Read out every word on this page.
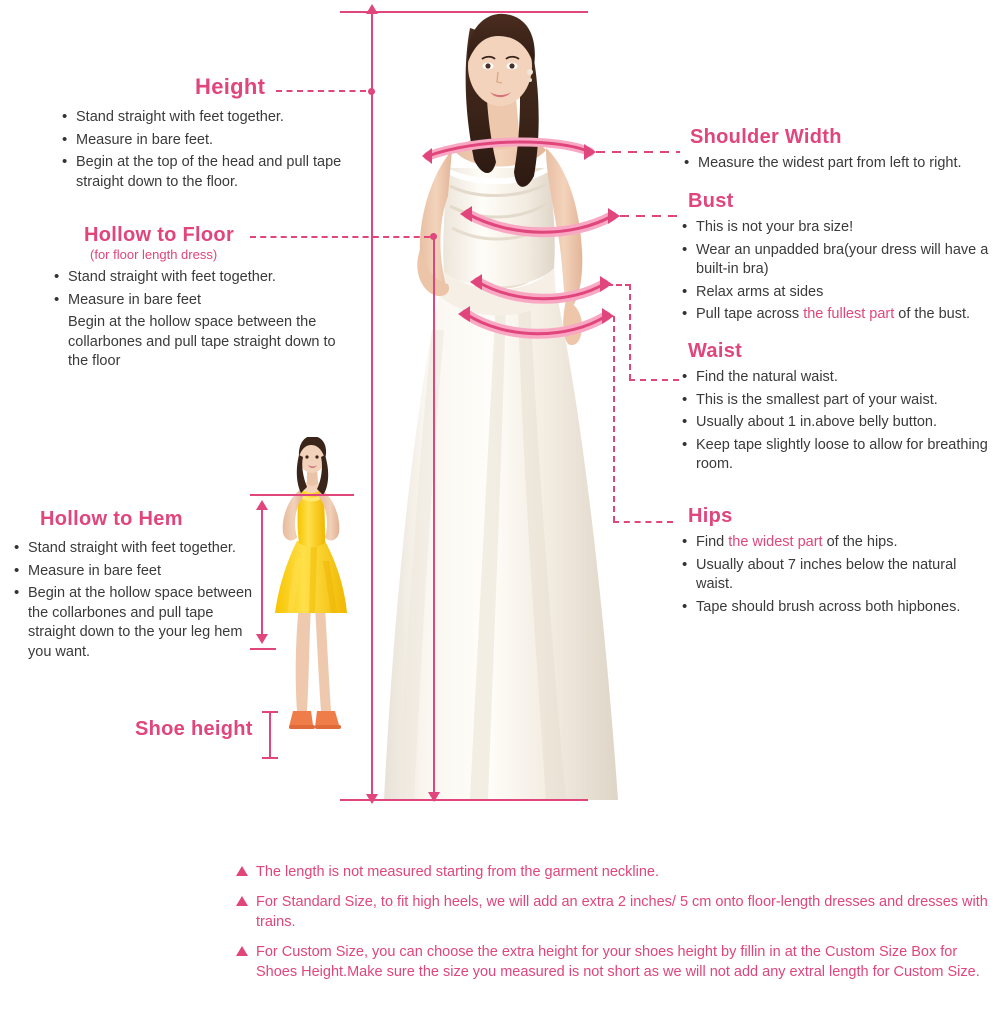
Height
• Stand straight with feet together.
• Measure in bare feet.
• Begin at the top of the head and pull tape straight down to the floor.
Hollow to Floor
(for floor length dress)
• Stand straight with feet together.
• Measure in bare feet
Begin at the hollow space between the collarbones and pull tape straight down to the floor
Hollow to Hem
• Stand straight with feet together.
• Measure in bare feet
• Begin at the hollow space between the collarbones and pull tape straight down to the your leg hem you want.
Shoe height
Shoulder Width
• Measure the widest part from left to right.
Bust
• This is not your bra size!
• Wear an unpadded bra(your dress will have a built-in bra)
• Relax arms at sides
• Pull tape across the fullest part of the bust.
Waist
• Find the natural waist.
• This is the smallest part of your waist.
• Usually about 1 in.above belly button.
• Keep tape slightly loose to allow for breathing room.
Hips
• Find the widest part of the hips.
• Usually about 7 inches below the natural waist.
• Tape should brush across both hipbones.
The length is not measured starting from the garment neckline.
For Standard Size, to fit high heels, we will add an extra 2 inches/ 5 cm onto floor-length dresses and dresses with trains.
For Custom Size, you can choose the extra height for your shoes height by fillin in at the Custom Size Box for Shoes Height.Make sure the size you measured is not short as we will not add any extral length for Custom Size.
